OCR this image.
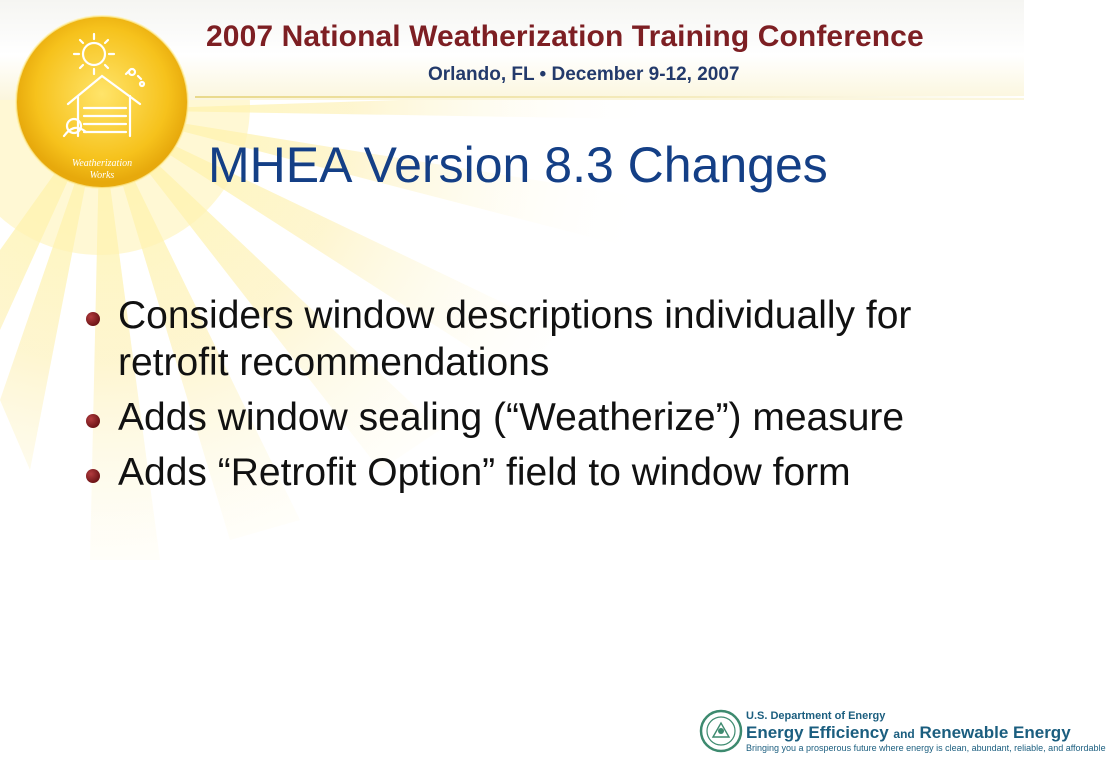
2007 National Weatherization Training Conference
Orlando, FL • December 9-12, 2007
Weatherization
Works MHEA Version 8.3 Changes
Considers window descriptions individually for retrofit recommendations
Adds window sealing (“Weatherize”) measure
Adds “Retrofit Option” field to window form
U.S. Department of Energy
Energy Efficiency and Renewable Energy
Bringing you a prosperous future where energy is clean, abundant, reliable, and affordable
